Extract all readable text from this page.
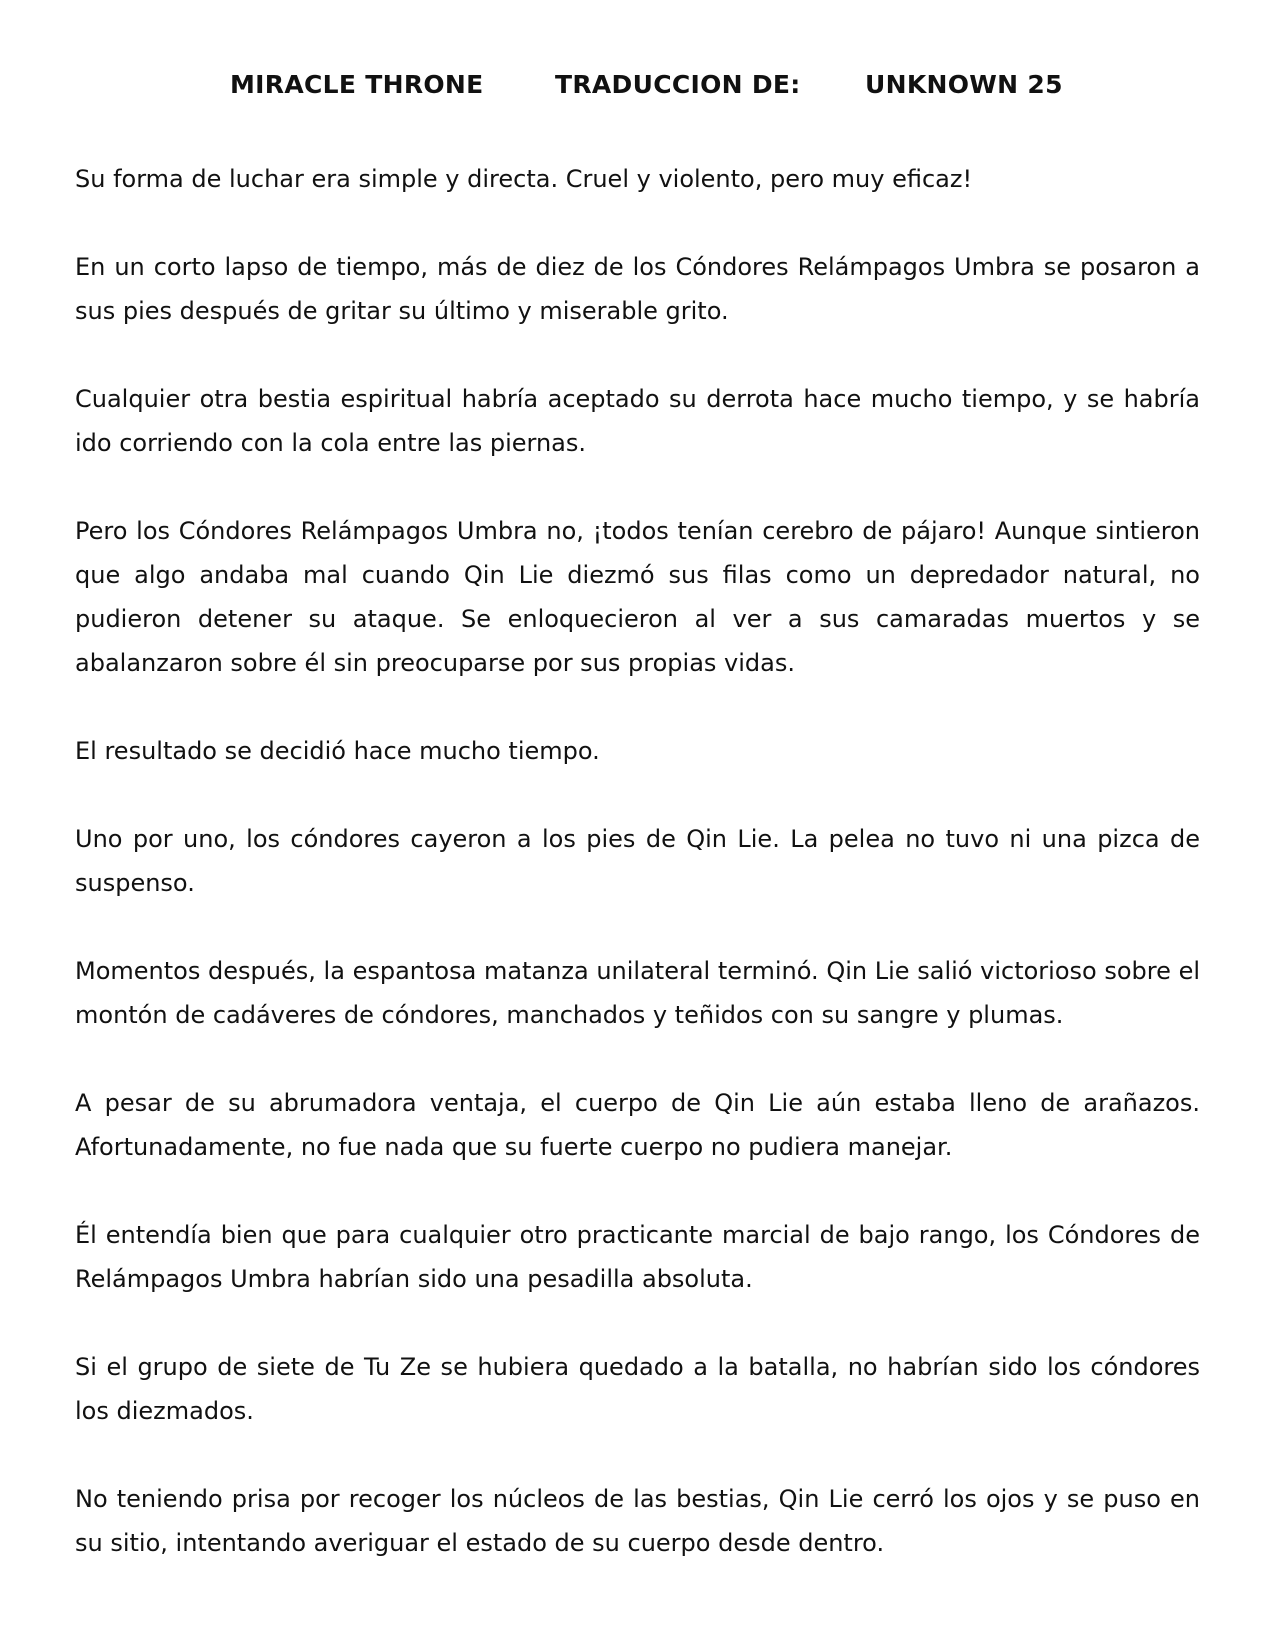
MIRACLE THRONE	TRADUCCION DE:	UNKNOWN 25

Su forma de luchar era simple y directa. Cruel y violento, pero muy eficaz!

En un corto lapso de tiempo, más de diez de los Cóndores Relámpagos Umbra se posaron a sus pies después de gritar su último y miserable grito.

Cualquier otra bestia espiritual habría aceptado su derrota hace mucho tiempo, y se habría ido corriendo con la cola entre las piernas.

Pero los Cóndores Relámpagos Umbra no, ¡todos tenían cerebro de pájaro! Aunque sintieron que algo andaba mal cuando Qin Lie diezmó sus filas como un depredador natural, no pudieron detener su ataque. Se enloquecieron al ver a sus camaradas muertos y se abalanzaron sobre él sin preocuparse por sus propias vidas.

El resultado se decidió hace mucho tiempo.

Uno por uno, los cóndores cayeron a los pies de Qin Lie. La pelea no tuvo ni una pizca de suspenso.

Momentos después, la espantosa matanza unilateral terminó. Qin Lie salió victorioso sobre el montón de cadáveres de cóndores, manchados y teñidos con su sangre y plumas.

A pesar de su abrumadora ventaja, el cuerpo de Qin Lie aún estaba lleno de arañazos. Afortunadamente, no fue nada que su fuerte cuerpo no pudiera manejar.

Él entendía bien que para cualquier otro practicante marcial de bajo rango, los Cóndores de Relámpagos Umbra habrían sido una pesadilla absoluta.

Si el grupo de siete de Tu Ze se hubiera quedado a la batalla, no habrían sido los cóndores los diezmados.

No teniendo prisa por recoger los núcleos de las bestias, Qin Lie cerró los ojos y se puso en su sitio, intentando averiguar el estado de su cuerpo desde dentro.
